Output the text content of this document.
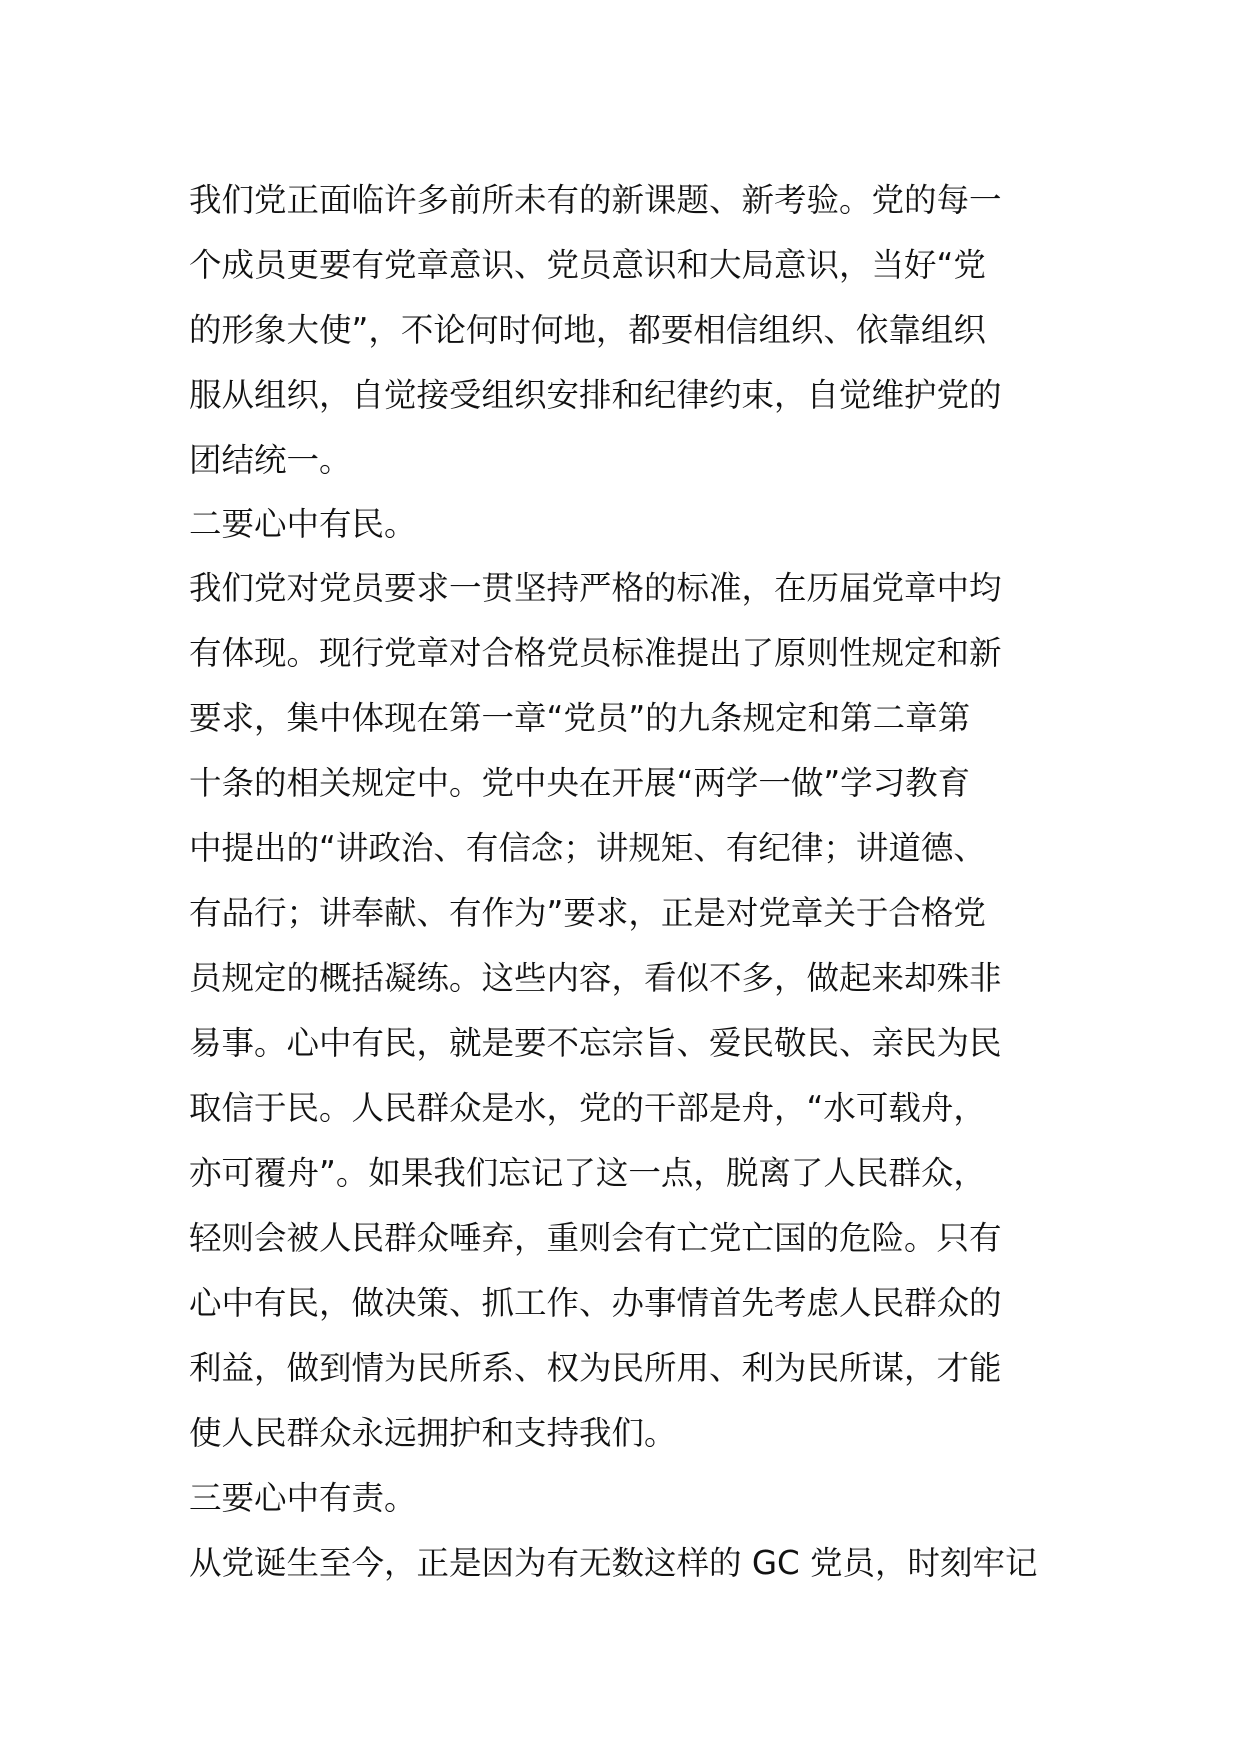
我们党正面临许多前所未有的新课题、新考验。党的每一
个成员更要有党章意识、党员意识和大局意识，当好“党
的形象大使”，不论何时何地，都要相信组织、依靠组织
服从组织，自觉接受组织安排和纪律约束，自觉维护党的
团结统一。
二要心中有民。
我们党对党员要求一贯坚持严格的标准，在历届党章中均
有体现。现行党章对合格党员标准提出了原则性规定和新
要求，集中体现在第一章“党员”的九条规定和第二章第
十条的相关规定中。党中央在开展“两学一做”学习教育
中提出的“讲政治、有信念；讲规矩、有纪律；讲道德、
有品行；讲奉献、有作为”要求，正是对党章关于合格党
员规定的概括凝练。这些内容，看似不多，做起来却殊非
易事。心中有民，就是要不忘宗旨、爱民敬民、亲民为民
取信于民。人民群众是水，党的干部是舟，“水可载舟，
亦可覆舟”。如果我们忘记了这一点，脱离了人民群众，
轻则会被人民群众唾弃，重则会有亡党亡国的危险。只有
心中有民，做决策、抓工作、办事情首先考虑人民群众的
利益，做到情为民所系、权为民所用、利为民所谋，才能
使人民群众永远拥护和支持我们。
三要心中有责。
从党诞生至今，正是因为有无数这样的 GC 党员，时刻牢记
